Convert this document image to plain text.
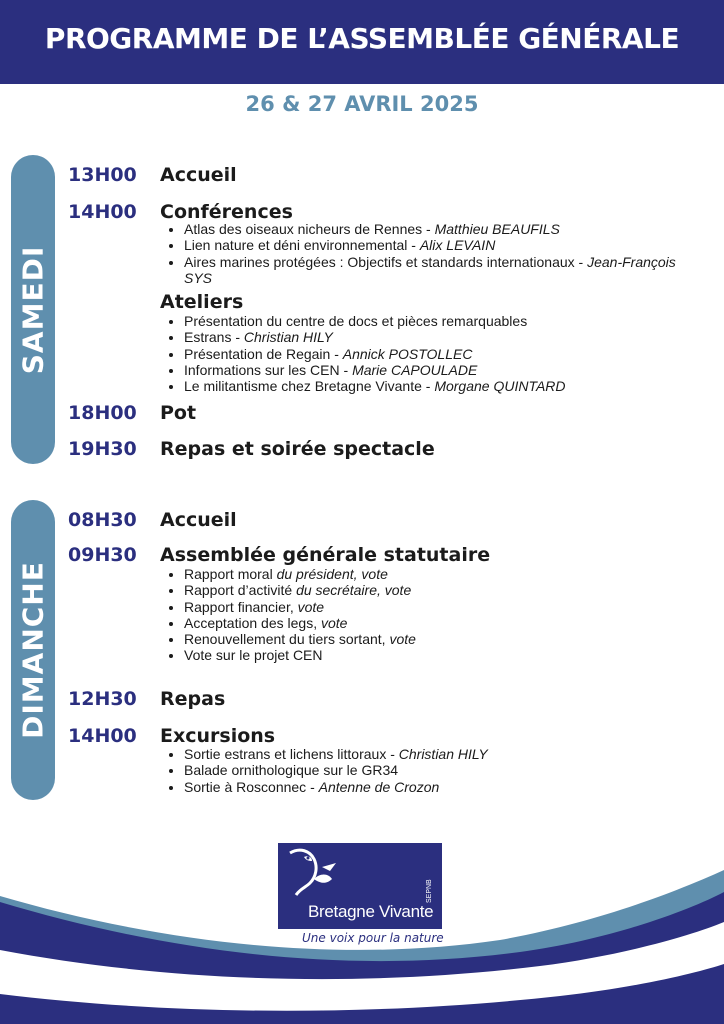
PROGRAMME DE L’ASSEMBLÉE GÉNÉRALE
26 & 27 AVRIL 2025
SAMEDI
13H00 Accueil
14H00 Conférences
• Atlas des oiseaux nicheurs de Rennes - Matthieu BEAUFILS
• Lien nature et déni environnemental - Alix LEVAIN
• Aires marines protégées : Objectifs et standards internationaux - Jean-François SYS
Ateliers
• Présentation du centre de docs et pièces remarquables
• Estrans - Christian HILY
• Présentation de Regain - Annick POSTOLLEC
• Informations sur les CEN - Marie CAPOULADE
• Le militantisme chez Bretagne Vivante - Morgane QUINTARD
18H00 Pot
19H30 Repas et soirée spectacle
DIMANCHE
08H30 Accueil
09H30 Assemblée générale statutaire
• Rapport moral du président, vote
• Rapport d’activité du secrétaire, vote
• Rapport financier, vote
• Acceptation des legs, vote
• Renouvellement du tiers sortant, vote
• Vote sur le projet CEN
12H30 Repas
14H00 Excursions
• Sortie estrans et lichens littoraux - Christian HILY
• Balade ornithologique sur le GR34
• Sortie à Rosconnec - Antenne de Crozon
Bretagne Vivante
SEPNB
Une voix pour la nature
